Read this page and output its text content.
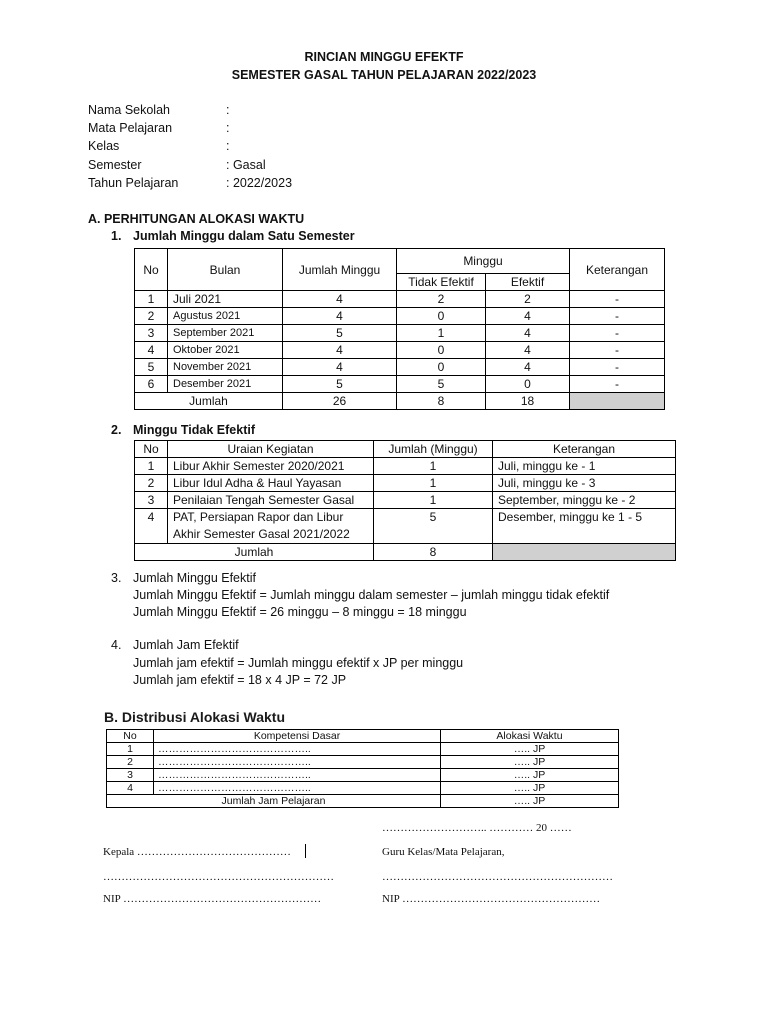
RINCIAN MINGGU EFEKTF
SEMESTER GASAL TAHUN PELAJARAN 2022/2023
Nama Sekolah	:
Mata Pelajaran	:
Kelas	:
Semester	: Gasal
Tahun Pelajaran	: 2022/2023
A. PERHITUNGAN ALOKASI WAKTU
1. Jumlah Minggu dalam Satu Semester
No	Bulan	Jumlah Minggu	Minggu		Keterangan
			Tidak Efektif	Efektif	
1	Juli 2021	4	2	2	-
2	Agustus 2021	4	0	4	-
3	September 2021	5	1	4	-
4	Oktober 2021	4	0	4	-
5	November 2021	4	0	4	-
6	Desember 2021	5	5	0	-
Jumlah		26	8	18	
2. Minggu Tidak Efektif
No	Uraian Kegiatan	Jumlah (Minggu)	Keterangan
1	Libur Akhir Semester 2020/2021	1	Juli, minggu ke - 1
2	Libur Idul Adha & Haul Yayasan	1	Juli, minggu ke - 3
3	Penilaian Tengah Semester Gasal	1	September, minggu ke - 2
4	PAT, Persiapan Rapor dan Libur
Akhir Semester Gasal 2021/2022	5	Desember, minggu ke 1 - 5
Jumlah		8	
3. Jumlah Minggu Efektif
Jumlah Minggu Efektif = Jumlah minggu dalam semester – jumlah minggu tidak efektif
Jumlah Minggu Efektif = 26 minggu – 8 minggu = 18 minggu
4. Jumlah Jam Efektif
Jumlah jam efektif = Jumlah minggu efektif x JP per minggu
Jumlah jam efektif = 18 x 4 JP = 72 JP
B. Distribusi Alokasi Waktu
No	Kompetensi Dasar	Alokasi Waktu
1	……………………………………..	….. JP
2	……………………………………..	….. JP
3	……………………………………..	….. JP
4	……………………………………..	….. JP
Jumlah Jam Pelajaran		….. JP
……………………….. ………… 20 ……
Kepala ……………………………………	Guru Kelas/Mata Pelajaran,
………………………………………………………	………………………………………………………
NIP ………………………………………………	NIP ………………………………………………
